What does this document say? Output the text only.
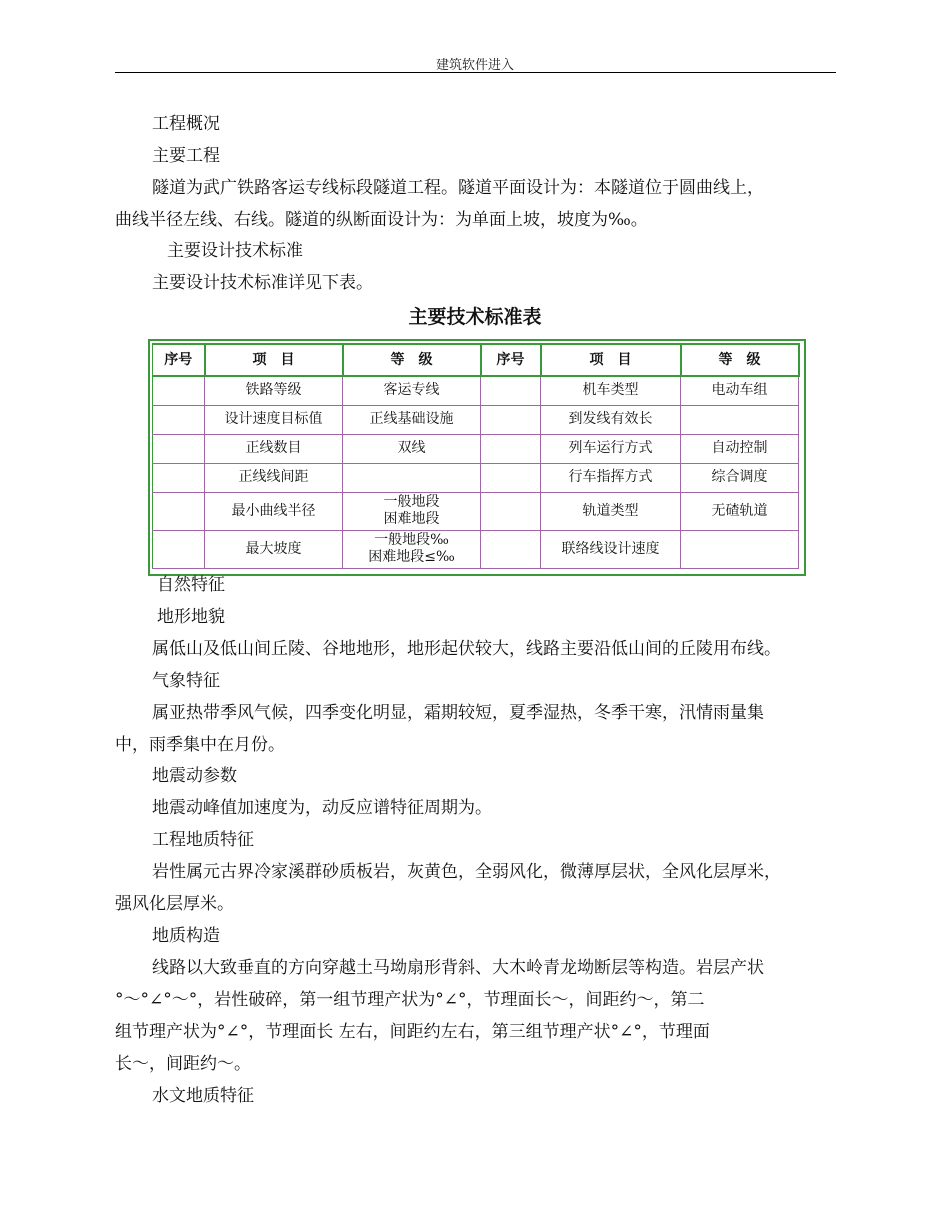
建筑软件进入
工程概况
主要工程
隧道为武广铁路客运专线标段隧道工程。隧道平面设计为：本隧道位于圆曲线上，
曲线半径左线、右线。隧道的纵断面设计为：为单面上坡，坡度为‰。
主要设计技术标准
主要设计技术标准详见下表。
主要技术标准表
序号	项　目	等　级	序号	项　目	等　级
	铁路等级	客运专线		机车类型	电动车组
	设计速度目标值	正线基础设施		到发线有效长	
	正线数目	双线		列车运行方式	自动控制
	正线线间距			行车指挥方式	综合调度
	最小曲线半径	一般地段
困难地段		轨道类型	无碴轨道
	最大坡度	一般地段‰
困难地段≤‰		联络线设计速度	
自然特征
地形地貌
属低山及低山间丘陵、谷地地形，地形起伏较大，线路主要沿低山间的丘陵用布线。
气象特征
属亚热带季风气候，四季变化明显，霜期较短，夏季湿热，冬季干寒，汛情雨量集
中，雨季集中在月份。
地震动参数
地震动峰值加速度为，动反应谱特征周期为。
工程地质特征
岩性属元古界冷家溪群砂质板岩，灰黄色，全弱风化，微薄厚层状，全风化层厚米，
强风化层厚米。
地质构造
线路以大致垂直的方向穿越土马坳扇形背斜、大木岭青龙坳断层等构造。岩层产状
°～°∠°～°，岩性破碎，第一组节理产状为°∠°，节理面长～，间距约～，第二
组节理产状为°∠°，节理面长 左右，间距约左右，第三组节理产状°∠°，节理面
长～，间距约～。
水文地质特征
